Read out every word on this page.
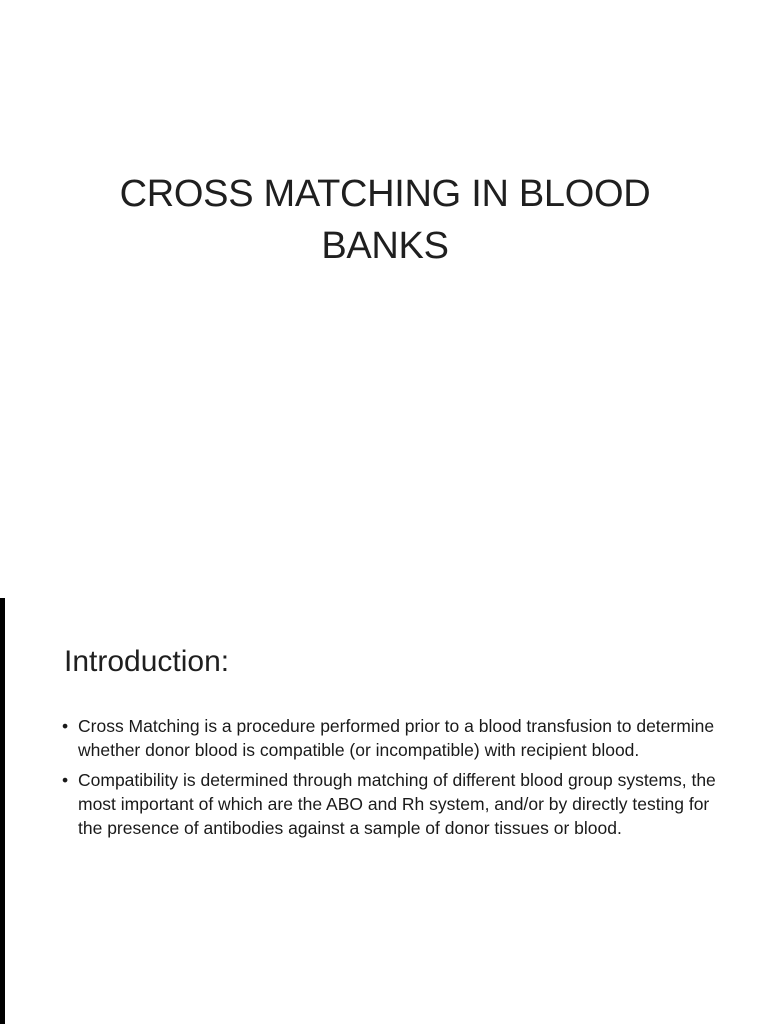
CROSS MATCHING IN BLOOD BANKS
Introduction:
• Cross Matching is a procedure performed prior to a blood transfusion to determine whether donor blood is compatible (or incompatible) with recipient blood.
• Compatibility is determined through matching of different blood group systems, the most important of which are the ABO and Rh system, and/or by directly testing for the presence of antibodies against a sample of donor tissues or blood.
